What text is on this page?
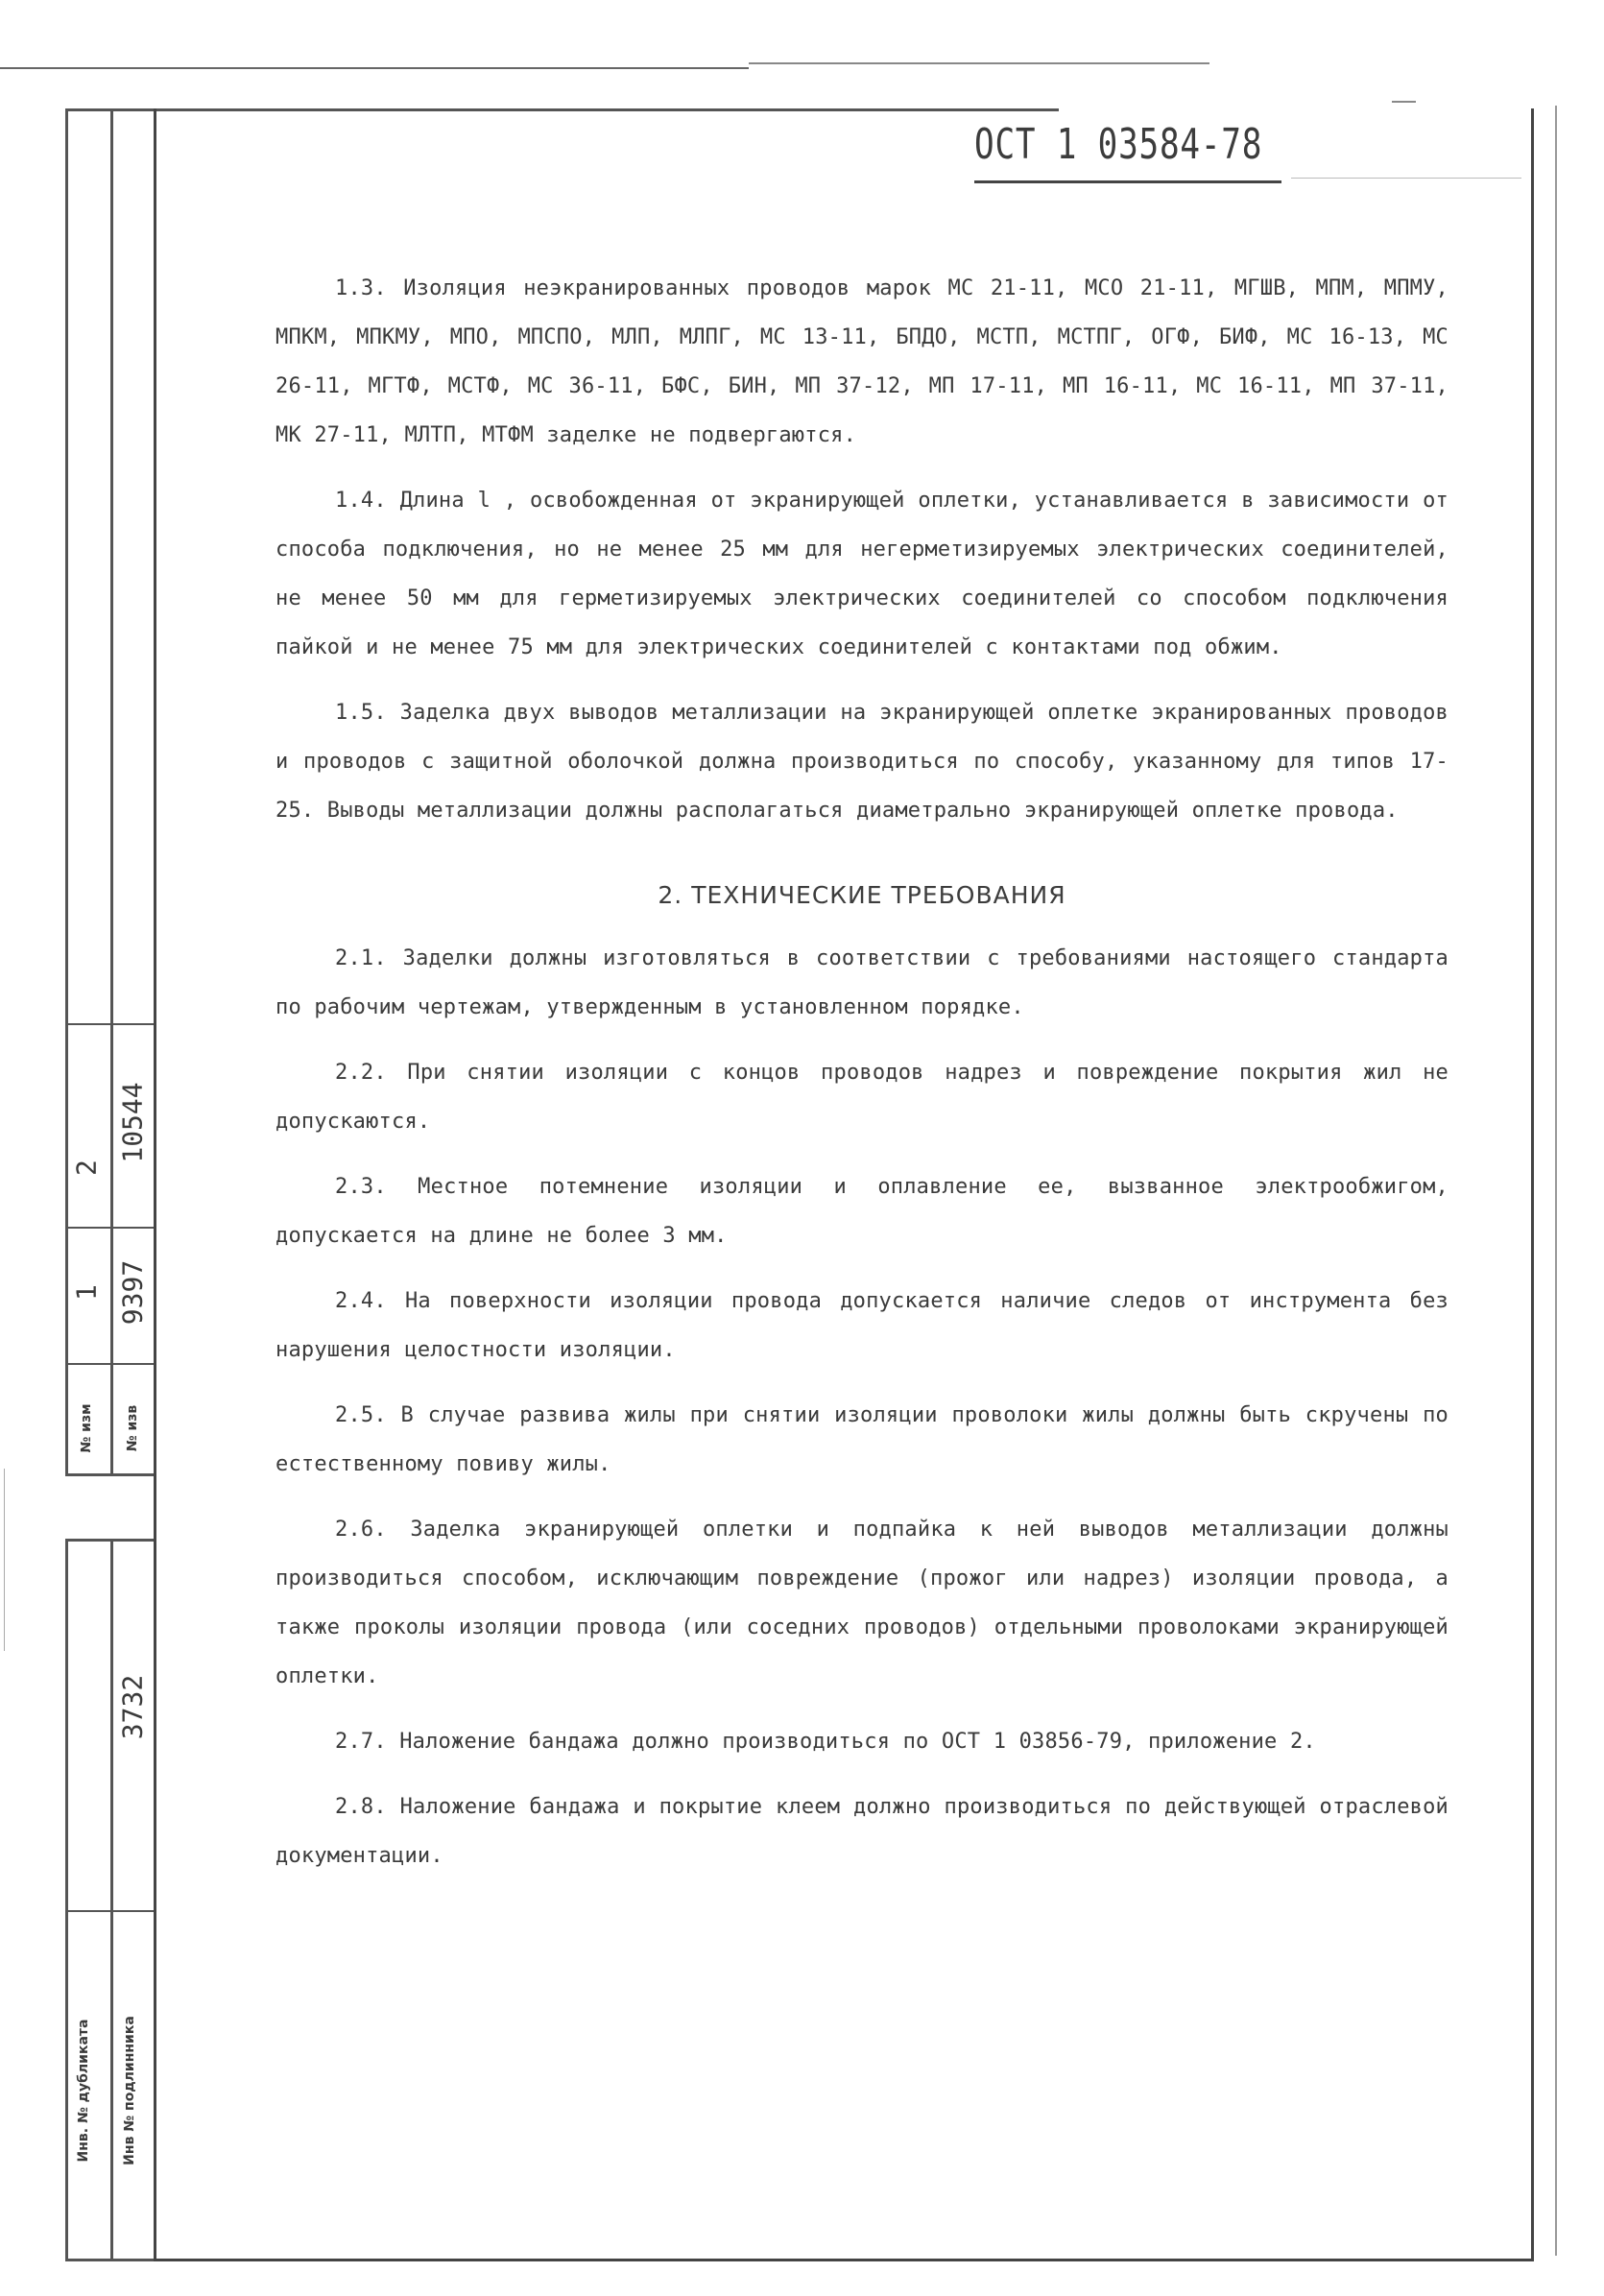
№ изм № изв
1 9397
2
10544
3732
Инв. № дубликата Инв № подлинника
ОСТ 1 03584-78

1.3. Изоляция неэкранированных проводов марок МС 21-11, МСО 21-11, МГШВ, МПМ, МПМУ, МПКМ, МПКМУ, МПО, МПСПО, МЛП, МЛПГ, МС 13-11, БПДО, МСТП, МСТПГ, ОГФ, БИФ, МС 16-13, МС 26-11, МГТФ, МСТФ, МС 36-11, БФС, БИН, МП 37-12, МП 17-11, МП 16-11, МС 16-11, МП 37-11, МК 27-11, МЛТП, МТФМ заделке не подвергаются.

1.4. Длина l , освобожденная от экранирующей оплетки, устанавливается в зависимости от способа подключения, но не менее 25 мм для негерметизируемых электрических соединителей, не менее 50 мм для герметизируемых электрических соединителей со способом подключения пайкой и не менее 75 мм для электрических соединителей с контактами под обжим.

1.5. Заделка двух выводов металлизации на экранирующей оплетке экранированных проводов и проводов с защитной оболочкой должна производиться по способу, указанному для типов 17-25. Выводы металлизации должны располагаться диаметрально экранирующей оплетке провода.

2. ТЕХНИЧЕСКИЕ ТРЕБОВАНИЯ

2.1. Заделки должны изготовляться в соответствии с требованиями настоящего стандарта по рабочим чертежам, утвержденным в установленном порядке.

2.2. При снятии изоляции с концов проводов надрез и повреждение покрытия жил не допускаются.

2.3. Местное потемнение изоляции и оплавление ее, вызванное электрообжигом, допускается на длине не более 3 мм.

2.4. На поверхности изоляции провода допускается наличие следов от инструмента без нарушения целостности изоляции.

2.5. В случае развива жилы при снятии изоляции проволоки жилы должны быть скручены по естественному повиву жилы.

2.6. Заделка экранирующей оплетки и подпайка к ней выводов металлизации должны производиться способом, исключающим повреждение (прожог или надрез) изоляции провода, а также проколы изоляции провода (или соседних проводов) отдельными проволоками экранирующей оплетки.

2.7. Наложение бандажа должно производиться по ОСТ 1 03856-79, приложение 2.

2.8. Наложение бандажа и покрытие клеем должно производиться по действующей отраслевой документации.
